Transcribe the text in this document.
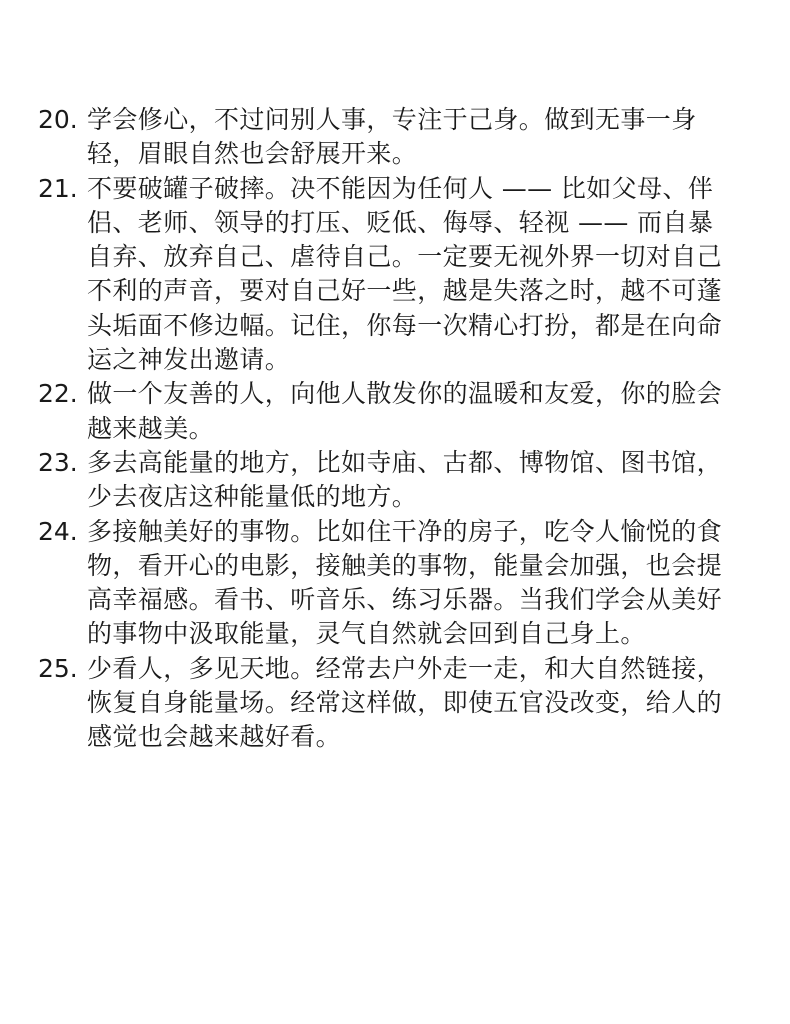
20. 学会修心，不过问别人事，专注于己身。做到无事一身
轻，眉眼自然也会舒展开来。
21. 不要破罐子破摔。决不能因为任何人 —— 比如父母、伴
侣、老师、领导的打压、贬低、侮辱、轻视 —— 而自暴
自弃、放弃自己、虐待自己。一定要无视外界一切对自己
不利的声音，要对自己好一些，越是失落之时，越不可蓬
头垢面不修边幅。记住，你每一次精心打扮，都是在向命
运之神发出邀请。
22. 做一个友善的人，向他人散发你的温暖和友爱，你的脸会
越来越美。
23. 多去高能量的地方，比如寺庙、古都、博物馆、图书馆，
少去夜店这种能量低的地方。
24. 多接触美好的事物。比如住干净的房子，吃令人愉悦的食
物，看开心的电影，接触美的事物，能量会加强，也会提
高幸福感。看书、听音乐、练习乐器。当我们学会从美好
的事物中汲取能量，灵气自然就会回到自己身上。
25. 少看人，多见天地。经常去户外走一走，和大自然链接，
恢复自身能量场。经常这样做，即使五官没改变，给人的
感觉也会越来越好看。
